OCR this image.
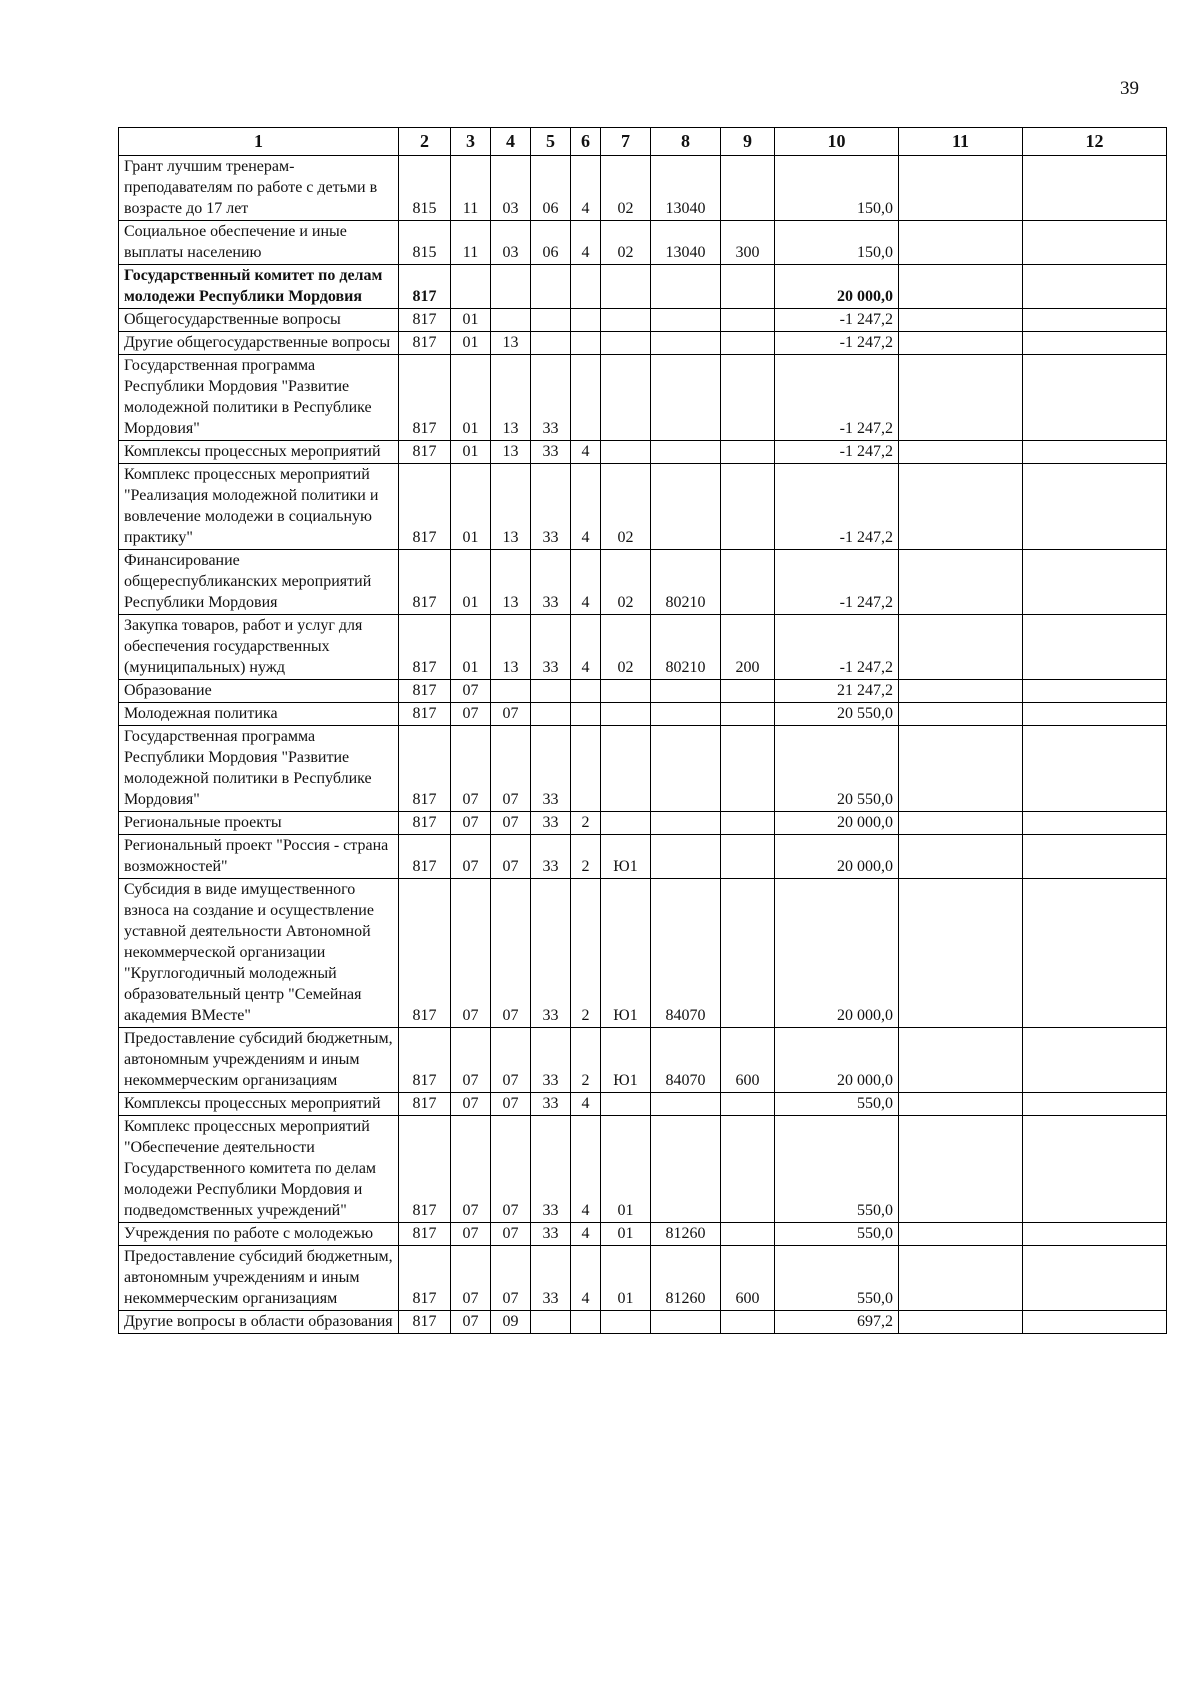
39
1	2	3	4	5	6	7	8	9	10	11	12
Грант лучшим тренерам-преподавателям по работе с детьми в возрасте до 17 лет	815	11	03	06	4	02	13040		150,0		
Социальное обеспечение и иные выплаты населению	815	11	03	06	4	02	13040	300	150,0		
Государственный комитет по делам молодежи Республики Мордовия	817								20 000,0		
Общегосударственные вопросы	817	01							-1 247,2		
Другие общегосударственные вопросы	817	01	13						-1 247,2		
Государственная программа Республики Мордовия "Развитие молодежной политики в Республике Мордовия"	817	01	13	33					-1 247,2		
Комплексы процессных мероприятий	817	01	13	33	4				-1 247,2		
Комплекс процессных мероприятий "Реализация молодежной политики и вовлечение молодежи в социальную практику"	817	01	13	33	4	02			-1 247,2		
Финансирование общереспубликанских мероприятий Республики Мордовия	817	01	13	33	4	02	80210		-1 247,2		
Закупка товаров, работ и услуг для обеспечения государственных (муниципальных) нужд	817	01	13	33	4	02	80210	200	-1 247,2		
Образование	817	07							21 247,2		
Молодежная политика	817	07	07						20 550,0		
Государственная программа Республики Мордовия "Развитие молодежной политики в Республике Мордовия"	817	07	07	33					20 550,0		
Региональные проекты	817	07	07	33	2				20 000,0		
Региональный проект "Россия - страна возможностей"	817	07	07	33	2	Ю1			20 000,0		
Субсидия в виде имущественного взноса на создание и осуществление уставной деятельности Автономной некоммерческой организации "Круглогодичный молодежный образовательный центр "Семейная академия ВМесте"	817	07	07	33	2	Ю1	84070		20 000,0		
Предоставление субсидий бюджетным, автономным учреждениям и иным некоммерческим организациям	817	07	07	33	2	Ю1	84070	600	20 000,0		
Комплексы процессных мероприятий	817	07	07	33	4				550,0		
Комплекс процессных мероприятий "Обеспечение деятельности Государственного комитета по делам молодежи Республики Мордовия и подведомственных учреждений"	817	07	07	33	4	01			550,0		
Учреждения по работе с молодежью	817	07	07	33	4	01	81260		550,0		
Предоставление субсидий бюджетным, автономным учреждениям и иным некоммерческим организациям	817	07	07	33	4	01	81260	600	550,0		
Другие вопросы в области образования	817	07	09						697,2		
